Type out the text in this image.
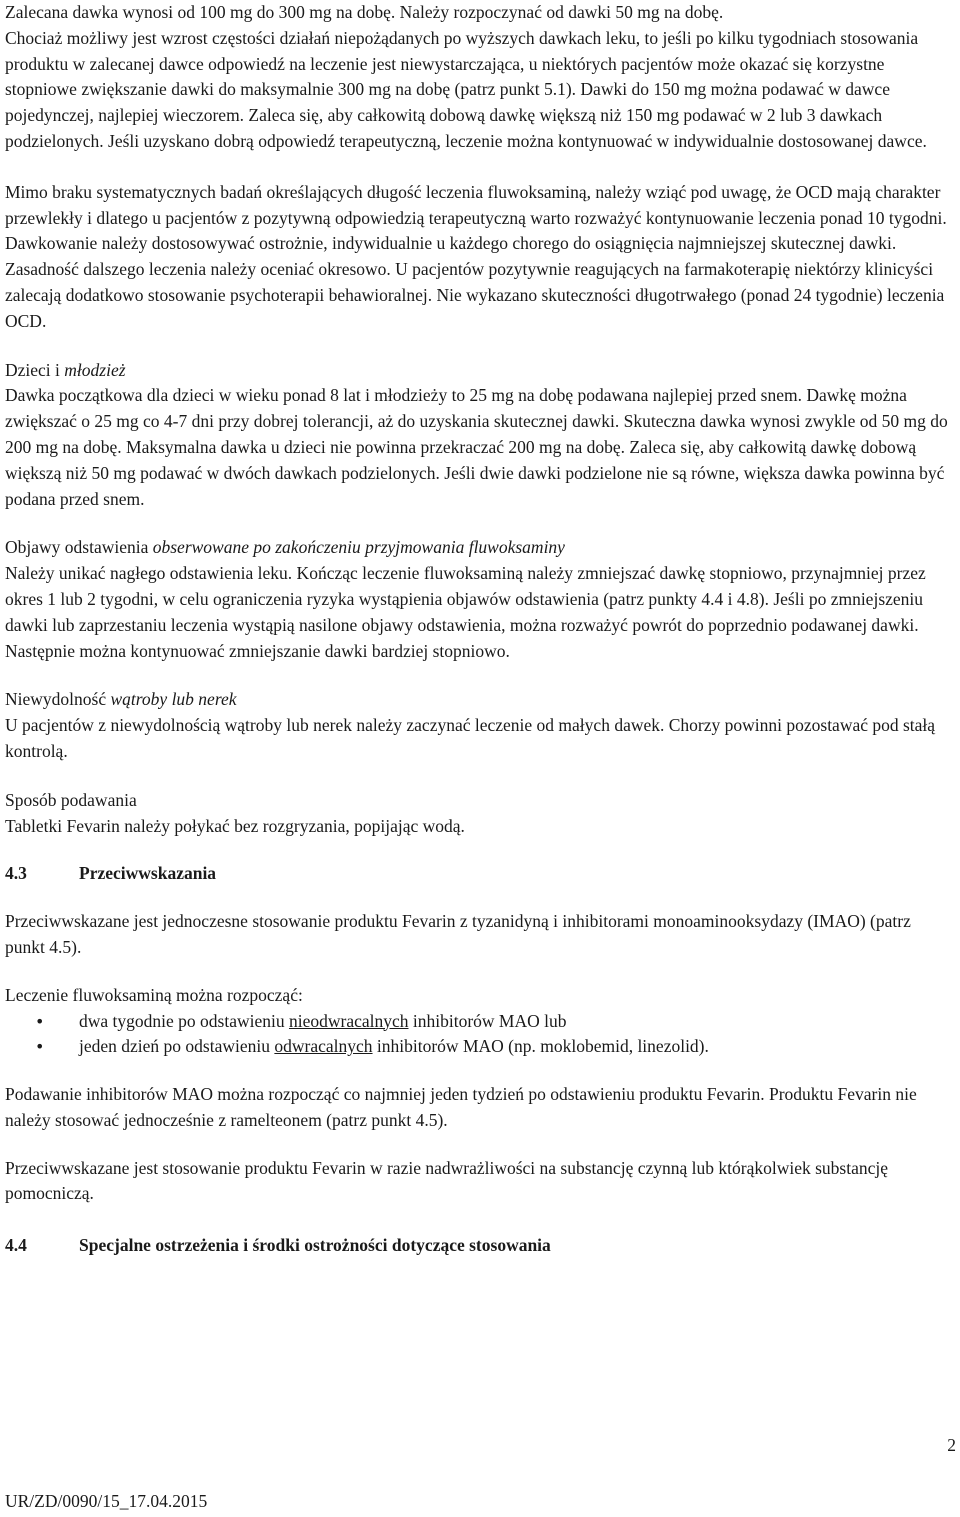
Zalecana dawka wynosi od 100 mg do 300 mg na dobę. Należy rozpoczynać od dawki 50 mg na dobę.

Chociaż możliwy jest wzrost częstości działań niepożądanych po wyższych dawkach leku, to jeśli po kilku tygodniach stosowania produktu w zalecanej dawce odpowiedź na leczenie jest niewystarczająca, u niektórych pacjentów może okazać się korzystne stopniowe zwiększanie dawki do maksymalnie 300 mg na dobę (patrz punkt 5.1). Dawki do 150 mg można podawać w dawce pojedynczej, najlepiej wieczorem. Zaleca się, aby całkowitą dobową dawkę większą niż 150 mg podawać w 2 lub 3 dawkach podzielonych. Jeśli uzyskano dobrą odpowiedź terapeutyczną, leczenie można kontynuować w indywidualnie dostosowanej dawce.

Mimo braku systematycznych badań określających długość leczenia fluwoksaminą, należy wziąć pod uwagę, że OCD mają charakter przewlekły i dlatego u pacjentów z pozytywną odpowiedzią terapeutyczną warto rozważyć kontynuowanie leczenia ponad 10 tygodni. Dawkowanie należy dostosowywać ostrożnie, indywidualnie u każdego chorego do osiągnięcia najmniejszej skutecznej dawki. Zasadność dalszego leczenia należy oceniać okresowo. U pacjentów pozytywnie reagujących na farmakoterapię niektórzy klinicyści zalecają dodatkowo stosowanie psychoterapii behawioralnej. Nie wykazano skuteczności długotrwałego (ponad 24 tygodnie) leczenia OCD.

Dzieci i młodzież

Dawka początkowa dla dzieci w wieku ponad 8 lat i młodzieży to 25 mg na dobę podawana najlepiej przed snem. Dawkę można zwiększać o 25 mg co 4-7 dni przy dobrej tolerancji, aż do uzyskania skutecznej dawki. Skuteczna dawka wynosi zwykle od 50 mg do 200 mg na dobę. Maksymalna dawka u dzieci nie powinna przekraczać 200 mg na dobę. Zaleca się, aby całkowitą dawkę dobową większą niż 50 mg podawać w dwóch dawkach podzielonych. Jeśli dwie dawki podzielone nie są równe, większa dawka powinna być podana przed snem.

Objawy odstawienia obserwowane po zakończeniu przyjmowania fluwoksaminy

Należy unikać nagłego odstawienia leku. Kończąc leczenie fluwoksaminą należy zmniejszać dawkę stopniowo, przynajmniej przez okres 1 lub 2 tygodni, w celu ograniczenia ryzyka wystąpienia objawów odstawienia (patrz punkty 4.4 i 4.8). Jeśli po zmniejszeniu dawki lub zaprzestaniu leczenia wystąpią nasilone objawy odstawienia, można rozważyć powrót do poprzednio podawanej dawki. Następnie można kontynuować zmniejszanie dawki bardziej stopniowo.

Niewydolność wątroby lub nerek

U pacjentów z niewydolnością wątroby lub nerek należy zaczynać leczenie od małych dawek. Chorzy powinni pozostawać pod stałą kontrolą.

Sposób podawania

Tabletki Fevarin należy połykać bez rozgryzania, popijając wodą.

4.3	Przeciwwskazania

Przeciwwskazane jest jednoczesne stosowanie produktu Fevarin z tyzanidyną i inhibitorami monoaminooksydazy (IMAO) (patrz punkt 4.5).

Leczenie fluwoksaminą można rozpocząć:

• dwa tygodnie po odstawieniu nieodwracalnych inhibitorów MAO lub
• jeden dzień po odstawieniu odwracalnych inhibitorów MAO (np. moklobemid, linezolid).

Podawanie inhibitorów MAO można rozpocząć co najmniej jeden tydzień po odstawieniu produktu Fevarin. Produktu Fevarin nie należy stosować jednocześnie z ramelteonem (patrz punkt 4.5).

Przeciwwskazane jest stosowanie produktu Fevarin w razie nadwrażliwości na substancję czynną lub którąkolwiek substancję pomocniczą.

4.4	Specjalne ostrzeżenia i środki ostrożności dotyczące stosowania
2
UR/ZD/0090/15_17.04.2015
